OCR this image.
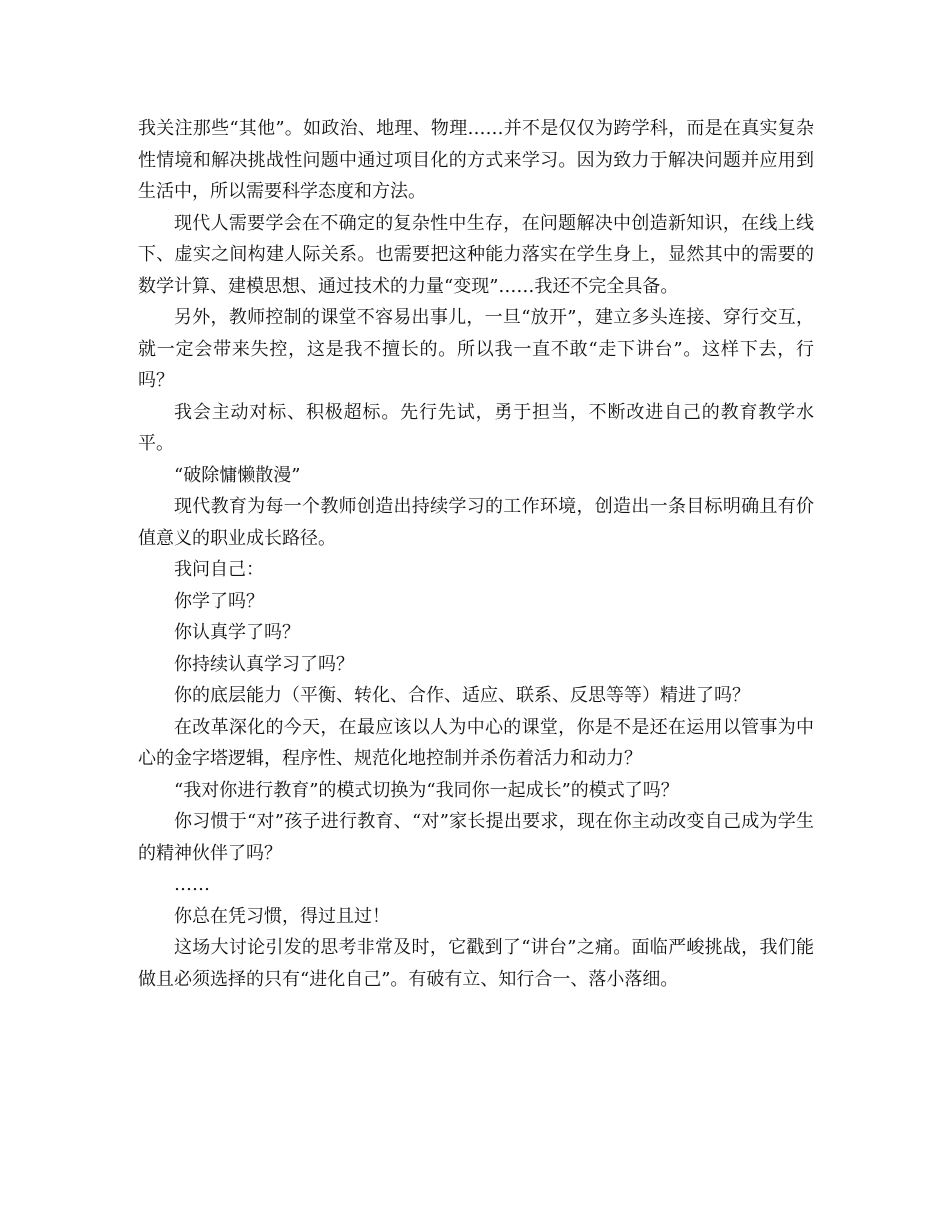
我关注那些“其他”。如政治、地理、物理……并不是仅仅为跨学科，而是在真实复杂性情境和解决挑战性问题中通过项目化的方式来学习。因为致力于解决问题并应用到生活中，所以需要科学态度和方法。

现代人需要学会在不确定的复杂性中生存，在问题解决中创造新知识，在线上线下、虚实之间构建人际关系。也需要把这种能力落实在学生身上，显然其中的需要的数学计算、建模思想、通过技术的力量“变现”……我还不完全具备。

另外，教师控制的课堂不容易出事儿，一旦“放开”，建立多头连接、穿行交互，就一定会带来失控，这是我不擅长的。所以我一直不敢“走下讲台”。这样下去，行吗？

我会主动对标、积极超标。先行先试，勇于担当，不断改进自己的教育教学水平。

“破除慵懒散漫”

现代教育为每一个教师创造出持续学习的工作环境，创造出一条目标明确且有价值意义的职业成长路径。

我问自己：

你学了吗？

你认真学了吗？

你持续认真学习了吗？

你的底层能力（平衡、转化、合作、适应、联系、反思等等）精进了吗？

在改革深化的今天，在最应该以人为中心的课堂，你是不是还在运用以管事为中心的金字塔逻辑，程序性、规范化地控制并杀伤着活力和动力？

“我对你进行教育”的模式切换为“我同你一起成长”的模式了吗？

你习惯于“对”孩子进行教育、“对”家长提出要求，现在你主动改变自己成为学生的精神伙伴了吗？

……

你总在凭习惯，得过且过！

这场大讨论引发的思考非常及时，它戳到了“讲台”之痛。面临严峻挑战，我们能做且必须选择的只有“进化自己”。有破有立、知行合一、落小落细。
